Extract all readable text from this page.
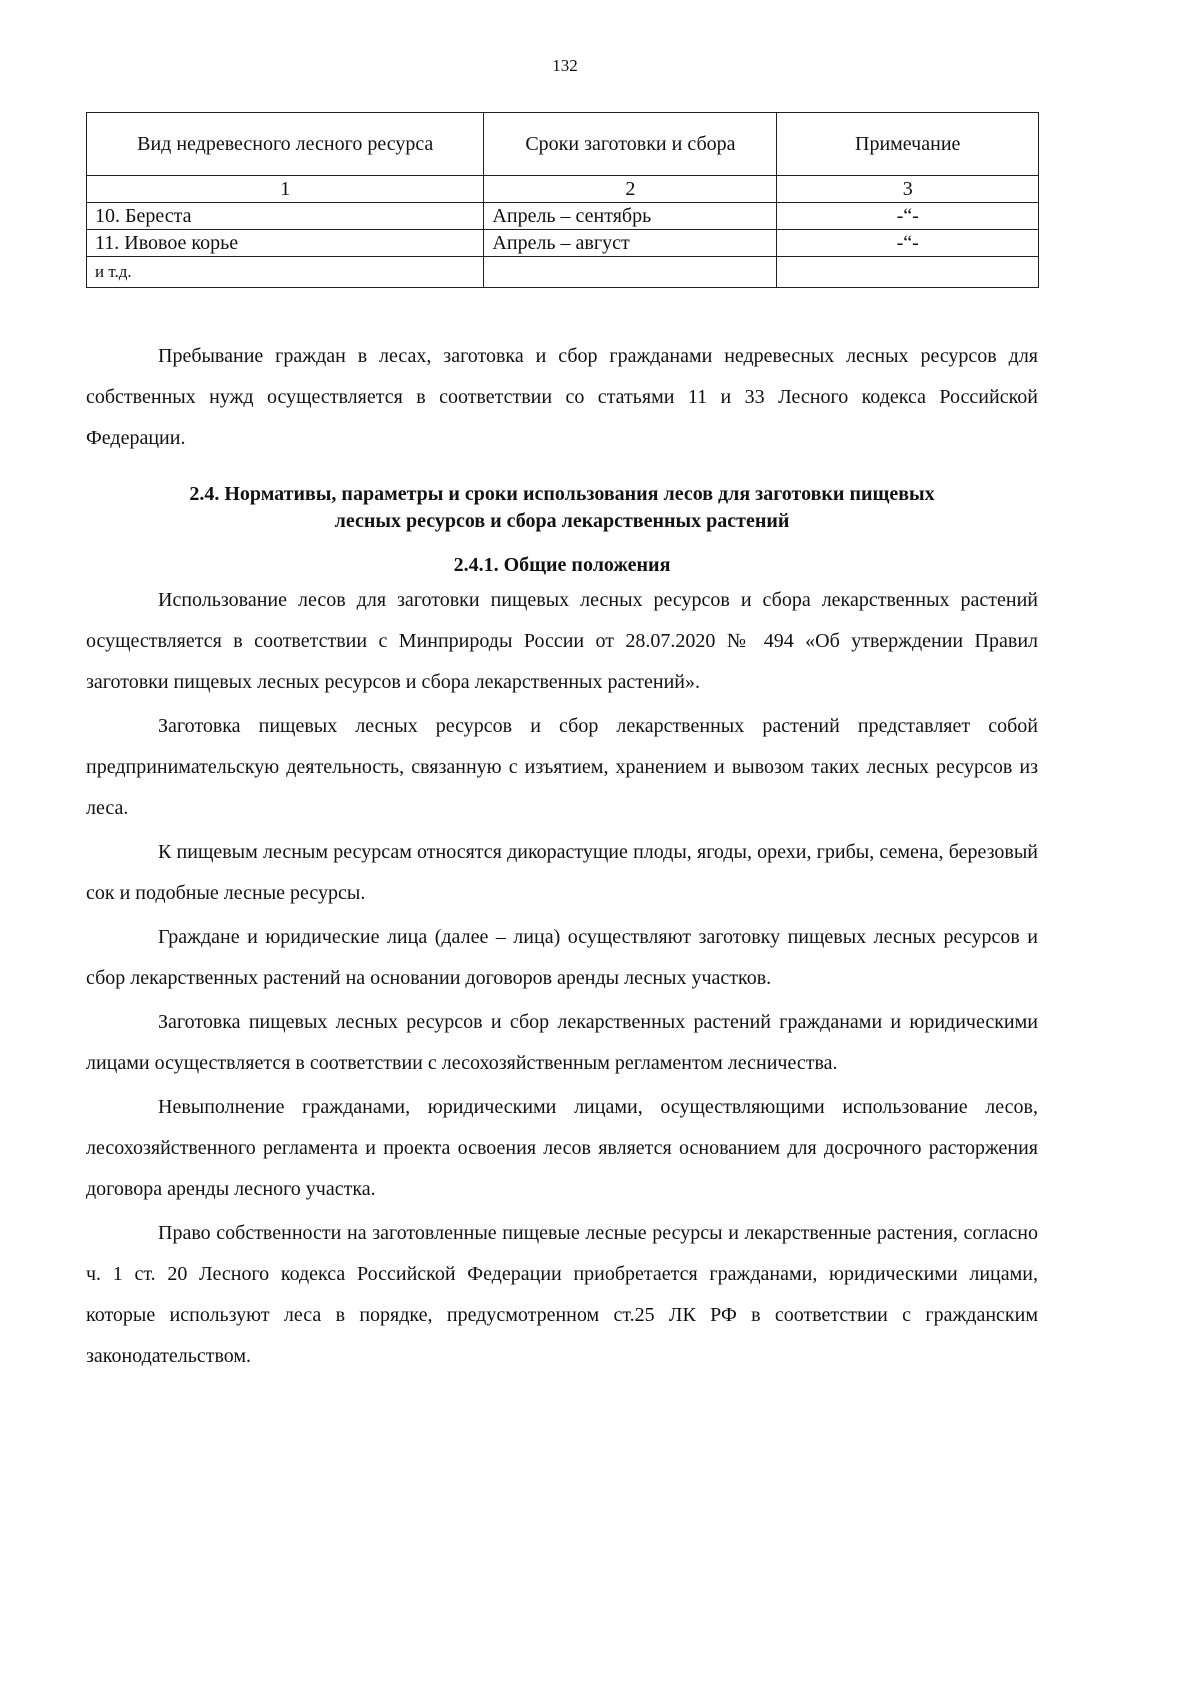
132
Вид недревесного лесного ресурса	Сроки заготовки и сбора	Примечание
1	2	3
10. Береста	Апрель – сентябрь	-“-
11. Ивовое корье	Апрель – август	-“-
и т.д.		

Пребывание граждан в лесах, заготовка и сбор гражданами недревесных лесных ресурсов для собственных нужд осуществляется в соответствии со статьями 11 и 33 Лесного кодекса Российской Федерации.

2.4. Нормативы, параметры и сроки использования лесов для заготовки пищевых
лесных ресурсов и сбора лекарственных растений
2.4.1. Общие положения

Использование лесов для заготовки пищевых лесных ресурсов и сбора лекарственных растений осуществляется в соответствии с Минприроды России от 28.07.2020 № 494 «Об утверждении Правил заготовки пищевых лесных ресурсов и сбора лекарственных растений».

Заготовка пищевых лесных ресурсов и сбор лекарственных растений представляет собой предпринимательскую деятельность, связанную с изъятием, хранением и вывозом таких лесных ресурсов из леса.

К пищевым лесным ресурсам относятся дикорастущие плоды, ягоды, орехи, грибы, семена, березовый сок и подобные лесные ресурсы.

Граждане и юридические лица (далее – лица) осуществляют заготовку пищевых лесных ресурсов и сбор лекарственных растений на основании договоров аренды лесных участков.

Заготовка пищевых лесных ресурсов и сбор лекарственных растений гражданами и юридическими лицами осуществляется в соответствии с лесохозяйственным регламентом лесничества.

Невыполнение гражданами, юридическими лицами, осуществляющими использование лесов, лесохозяйственного регламента и проекта освоения лесов является основанием для досрочного расторжения договора аренды лесного участка.

Право собственности на заготовленные пищевые лесные ресурсы и лекарственные растения, согласно ч. 1 ст. 20 Лесного кодекса Российской Федерации приобретается гражданами, юридическими лицами, которые используют леса в порядке, предусмотренном ст.25 ЛК РФ в соответствии с гражданским законодательством.
